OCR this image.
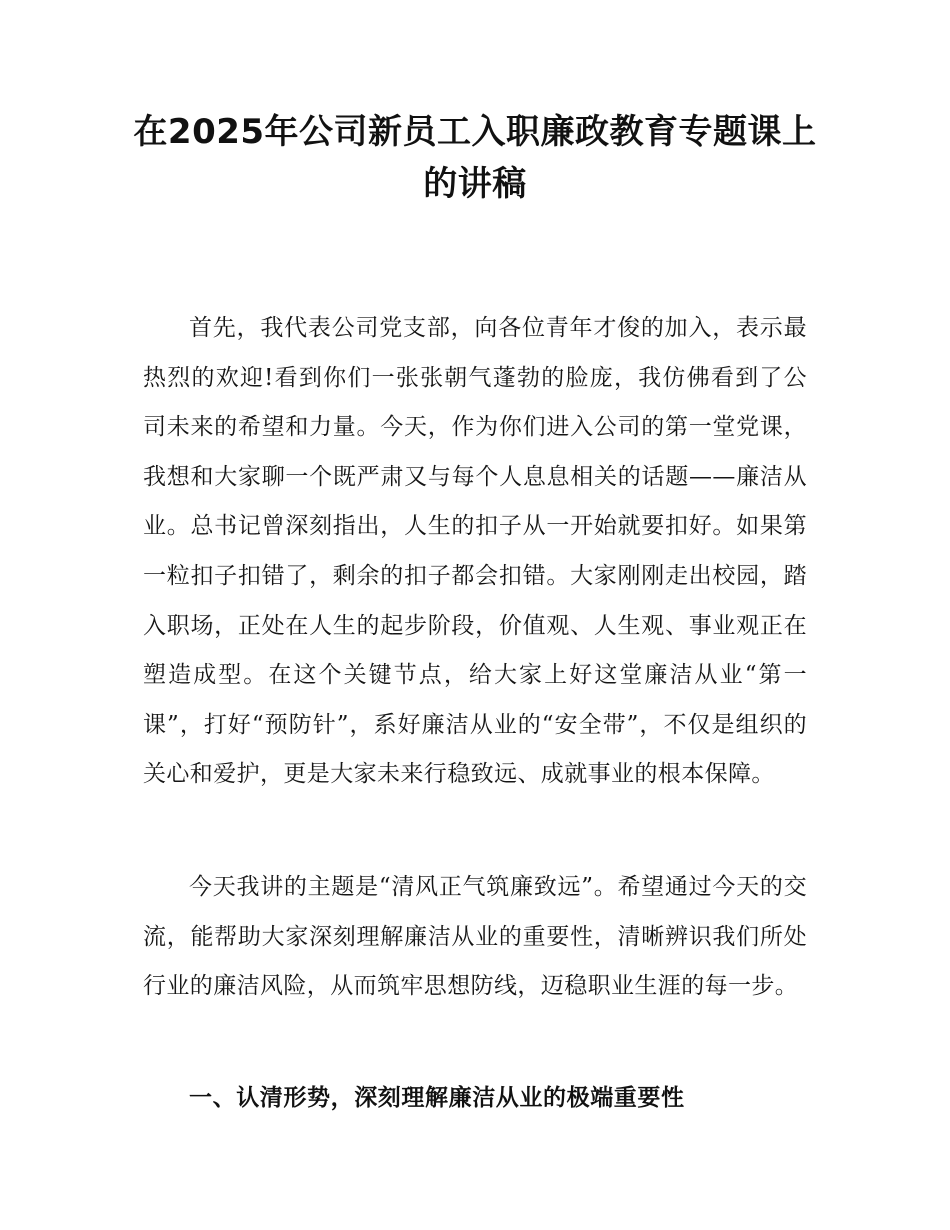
在2025年公司新员工入职廉政教育专题课上的讲稿

首先，我代表公司党支部，向各位青年才俊的加入，表示最热烈的欢迎!看到你们一张张朝气蓬勃的脸庞，我仿佛看到了公司未来的希望和力量。今天，作为你们进入公司的第一堂党课，我想和大家聊一个既严肃又与每个人息息相关的话题——廉洁从业。总书记曾深刻指出，人生的扣子从一开始就要扣好。如果第一粒扣子扣错了，剩余的扣子都会扣错。大家刚刚走出校园，踏入职场，正处在人生的起步阶段，价值观、人生观、事业观正在塑造成型。在这个关键节点，给大家上好这堂廉洁从业“第一课”，打好“预防针”，系好廉洁从业的“安全带”，不仅是组织的关心和爱护，更是大家未来行稳致远、成就事业的根本保障。

今天我讲的主题是“清风正气筑廉致远”。希望通过今天的交流，能帮助大家深刻理解廉洁从业的重要性，清晰辨识我们所处行业的廉洁风险，从而筑牢思想防线，迈稳职业生涯的每一步。

一、认清形势，深刻理解廉洁从业的极端重要性
